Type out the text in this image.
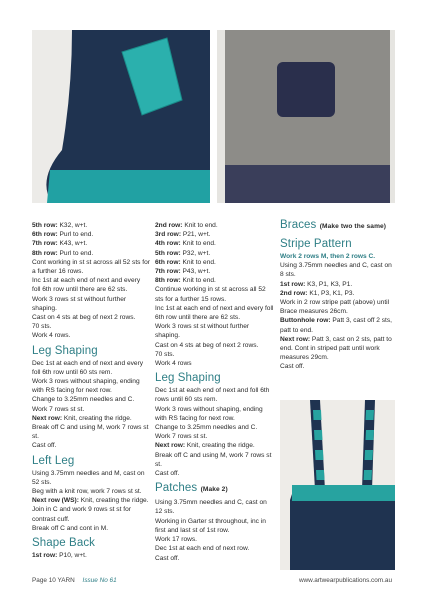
5th row: K32, w+t.

6th row: Purl to end.

7th row: K43, w+t.

8th row: Purl to end.

Cont working in st st across all 52 sts for a further 16 rows.

Inc 1st at each end of next and every foll 6th row until there are 62 sts.

Work 3 rows st st without further shaping.

Cast on 4 sts at beg of next 2 rows.

70 sts.

Work 4 rows.

Leg Shaping

Dec 1st at each end of next and every foll 6th row until 60 sts rem.

Work 3 rows without shaping, ending with RS facing for next row.

Change to 3.25mm needles and C.

Work 7 rows st st.

Next row: Knit, creating the ridge.

Break off C and using M, work 7 rows st st.

Cast off.

Left Leg

Using 3.75mm needles and M, cast on 52 sts.

Beg with a knit row, work 7 rows st st.

Next row (WS): Knit, creating the ridge.

Join in C and work 9 rows st st for contrast cuff.

Break off C and cont in M.

Shape Back

1st row: P10, w+t.

2nd row: Knit to end.

3rd row: P21, w+t.

4th row: Knit to end.

5th row: P32, w+t.

6th row: Knit to end.

7th row: P43, w+t.

8th row: Knit to end.

Continue working in st st across all 52 sts for a further 15 rows.

Inc 1st at each end of next and every foll 6th row until there are 62 sts.

Work 3 rows st st without further shaping.

Cast on 4 sts at beg of next 2 rows.

70 sts.

Work 4 rows

Leg Shaping

Dec 1st at each end of next and foll 6th rows until 60 sts rem.

Work 3 rows without shaping, ending with RS facing for next row.

Change to 3.25mm needles and C.

Work 7 rows st st.

Next row: Knit, creating the ridge.

Break off C and using M, work 7 rows st st.

Cast off.

Patches (Make 2)

Using 3.75mm needles and C, cast on 12 sts.

Working in Garter st throughout, inc in first and last st of 1st row.

Work 17 rows.

Dec 1st at each end of next row.

Cast off.

Braces (Make two the same)
Stripe Pattern

Work 2 rows M, then 2 rows C.

Using 3.75mm needles and C, cast on 8 sts.

1st row: K3, P1, K3, P1.

2nd row: K1, P3, K1, P3.

Work in 2 row stripe patt (above) until Brace measures 26cm.

Buttonhole row: Patt 3, cast off 2 sts, patt to end.

Next row: Patt 3, cast on 2 sts, patt to end. Cont in striped patt until work measures 29cm.

Cast off.

Page 10 YARN Issue No 61	www.artwearpublications.com.au
